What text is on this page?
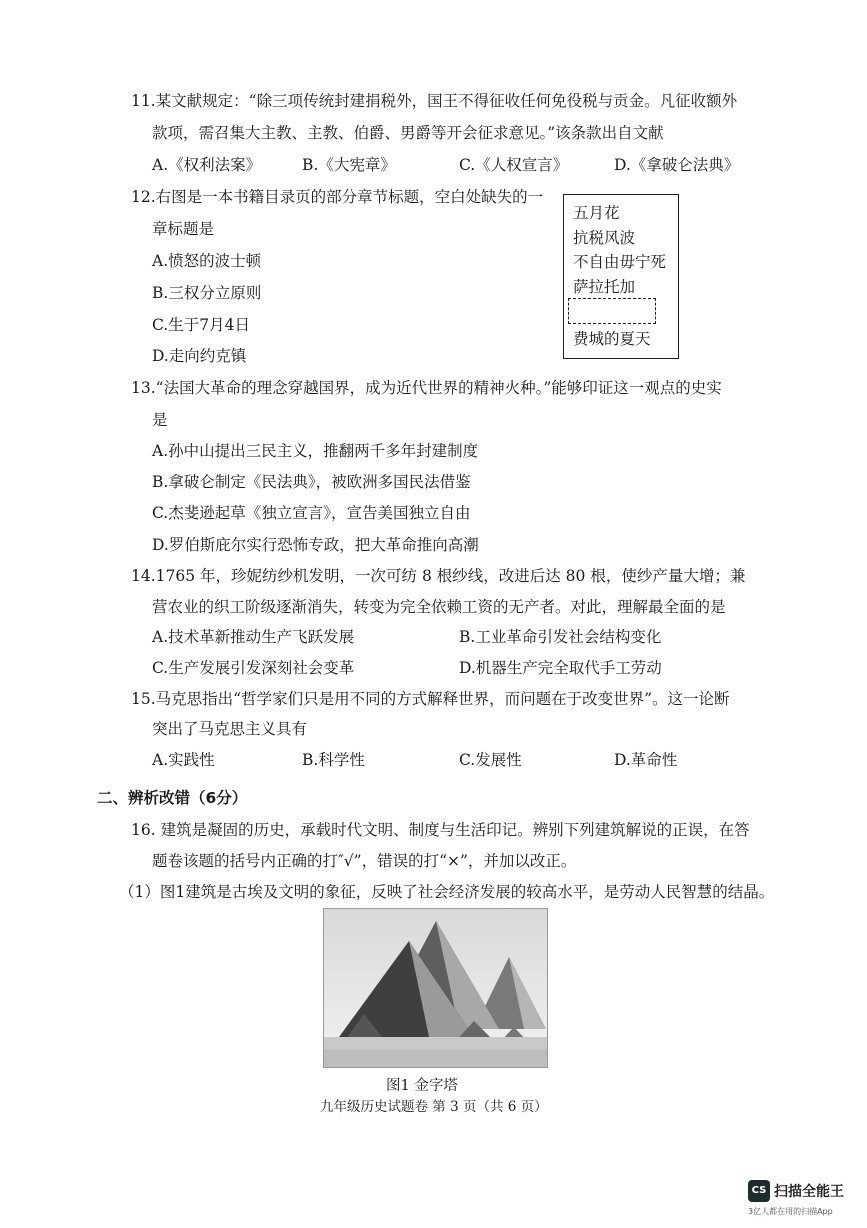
11.某文献规定：“除三项传统封建捐税外，国王不得征收任何免役税与贡金。凡征收额外
款项，需召集大主教、主教、伯爵、男爵等开会征求意见。”该条款出自文献
A.《权利法案》	B.《大宪章》	C.《人权宣言》	D.《拿破仑法典》
12.右图是一本书籍目录页的部分章节标题，空白处缺失的一
章标题是
A.愤怒的波士顿
B.三权分立原则
C.生于7月4日
D.走向约克镇
五月花
抗税风波
不自由毋宁死
萨拉托加
费城的夏天
13.“法国大革命的理念穿越国界，成为近代世界的精神火种。”能够印证这一观点的史实
是
A.孙中山提出三民主义，推翻两千多年封建制度
B.拿破仑制定《民法典》，被欧洲多国民法借鉴
C.杰斐逊起草《独立宣言》，宣告美国独立自由
D.罗伯斯庇尔实行恐怖专政，把大革命推向高潮
14.1765 年，珍妮纺纱机发明，一次可纺 8 根纱线，改进后达 80 根，使纱产量大增；兼
营农业的织工阶级逐渐消失，转变为完全依赖工资的无产者。对此，理解最全面的是
A.技术革新推动生产飞跃发展	B.工业革命引发社会结构变化
C.生产发展引发深刻社会变革	D.机器生产完全取代手工劳动
15.马克思指出“哲学家们只是用不同的方式解释世界，而问题在于改变世界”。这一论断
突出了马克思主义具有
A.实践性	B.科学性	C.发展性	D.革命性
二、辨析改错（6分）
16. 建筑是凝固的历史，承载时代文明、制度与生活印记。辨别下列建筑解说的正误，在答
题卷该题的括号内正确的打″√”，错误的打“×”，并加以改正。
（1）图1建筑是古埃及文明的象征，反映了社会经济发展的较高水平，是劳动人民智慧的结晶。
图1 金字塔
九年级历史试题卷 第 3 页（共 6 页）
CS 扫描全能王
3亿人都在用的扫描App
